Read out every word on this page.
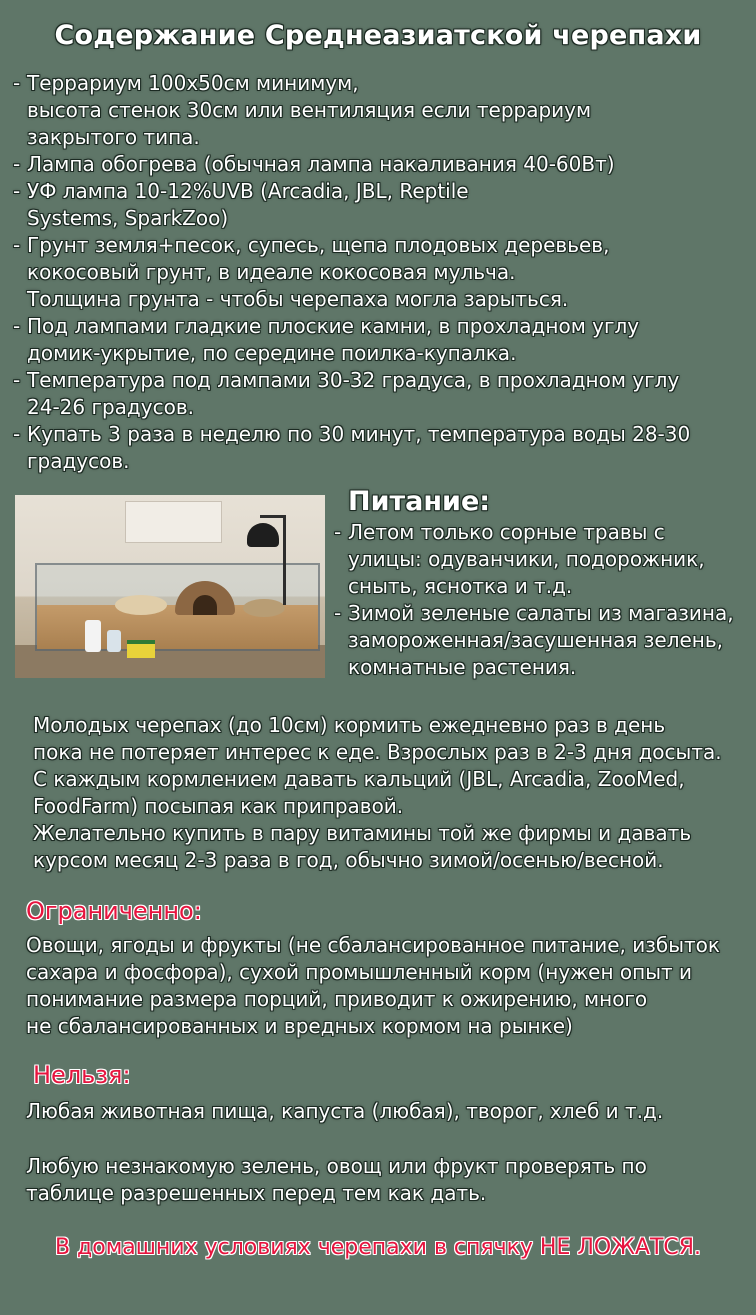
Содержание Среднеазиатской черепахи
- Террариум 100х50см минимум,
высота стенок 30см или вентиляция если террариум
закрытого типа.
- Лампа обогрева (обычная лампа накаливания 40-60Вт)
- УФ лампа 10-12%UVB (Arcadia, JBL, Reptile
Systems, SparkZoo)
- Грунт земля+песок, супесь, щепа плодовых деревьев,
кокосовый грунт, в идеале кокосовая мульча.
Толщина грунта - чтобы черепаха могла зарыться.
- Под лампами гладкие плоские камни, в прохладном углу
домик-укрытие, по середине поилка-купалка.
- Температура под лампами 30-32 градуса, в прохладном углу
24-26 градусов.
- Купать 3 раза в неделю по 30 минут, температура воды 28-30
градусов.
Питание:
- Летом только сорные травы с
улицы: одуванчики, подорожник,
сныть, яснотка и т.д.
- Зимой зеленые салаты из магазина,
замороженная/засушенная зелень,
комнатные растения.
Молодых черепах (до 10см) кормить ежедневно раз в день
пока не потеряет интерес к еде. Взрослых раз в 2-3 дня досыта.
С каждым кормлением давать кальций (JBL, Arcadia, ZooMed,
FoodFarm) посыпая как приправой.
Желательно купить в пару витамины той же фирмы и давать
курсом месяц 2-3 раза в год, обычно зимой/осенью/весной.
Ограниченно:
Овощи, ягоды и фрукты (не сбалансированное питание, избыток
сахара и фосфора), сухой промышленный корм (нужен опыт и
понимание размера порций, приводит к ожирению, много
не сбалансированных и вредных кормом на рынке)
Нельзя:
Любая животная пища, капуста (любая), творог, хлеб и т.д.
Любую незнакомую зелень, овощ или фрукт проверять по
таблице разрешенных перед тем как дать.

В домашних условиях черепахи в спячку НЕ ЛОЖАТСЯ.
